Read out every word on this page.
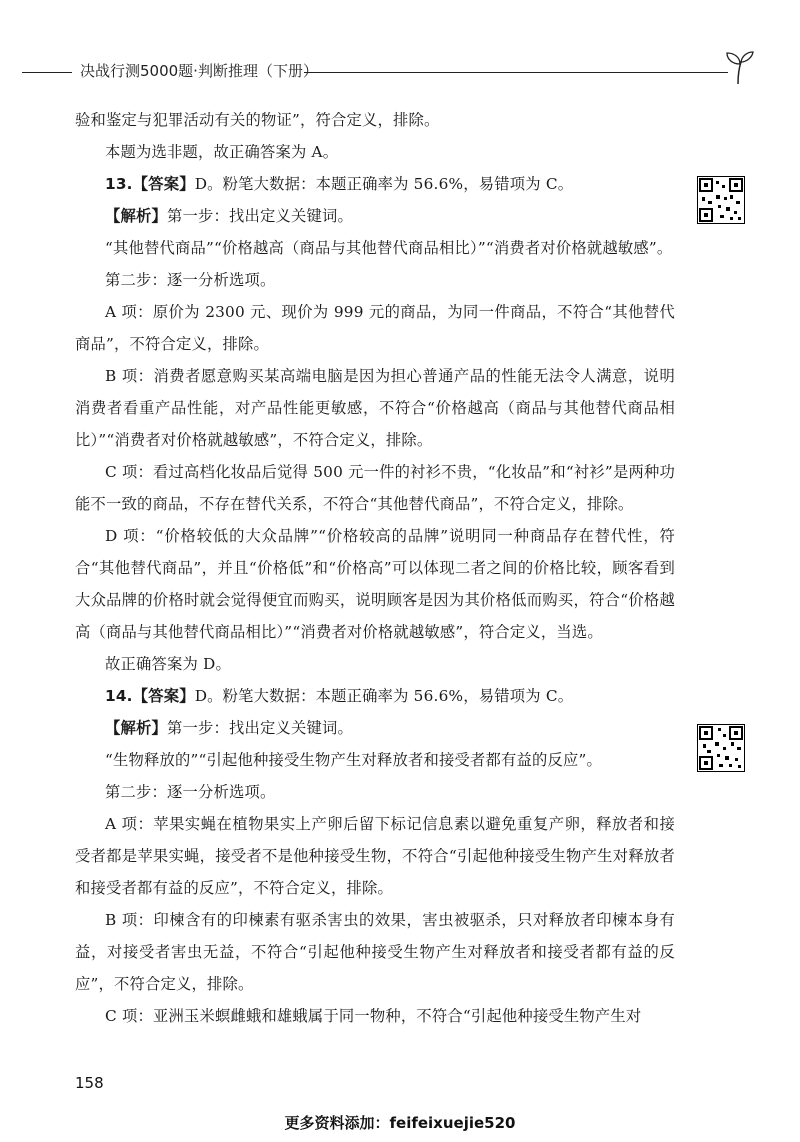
决战行测5000题·判断推理（下册）

验和鉴定与犯罪活动有关的物证”，符合定义，排除。

本题为选非题，故正确答案为 A。

13.【答案】D。粉笔大数据：本题正确率为 56.6%，易错项为 C。

【解析】第一步：找出定义关键词。

“其他替代商品”“价格越高（商品与其他替代商品相比）”“消费者对价格就越敏感”。

第二步：逐一分析选项。

A 项：原价为 2300 元、现价为 999 元的商品，为同一件商品，不符合“其他替代商品”，不符合定义，排除。

B 项：消费者愿意购买某高端电脑是因为担心普通产品的性能无法令人满意，说明消费者看重产品性能，对产品性能更敏感，不符合“价格越高（商品与其他替代商品相比）”“消费者对价格就越敏感”，不符合定义，排除。

C 项：看过高档化妆品后觉得 500 元一件的衬衫不贵，“化妆品”和“衬衫”是两种功能不一致的商品，不存在替代关系，不符合“其他替代商品”，不符合定义，排除。

D 项：“价格较低的大众品牌”“价格较高的品牌”说明同一种商品存在替代性，符合“其他替代商品”，并且“价格低”和“价格高”可以体现二者之间的价格比较，顾客看到大众品牌的价格时就会觉得便宜而购买，说明顾客是因为其价格低而购买，符合“价格越高（商品与其他替代商品相比）”“消费者对价格就越敏感”，符合定义，当选。

故正确答案为 D。

14.【答案】D。粉笔大数据：本题正确率为 56.6%，易错项为 C。

【解析】第一步：找出定义关键词。

“生物释放的”“引起他种接受生物产生对释放者和接受者都有益的反应”。

第二步：逐一分析选项。

A 项：苹果实蝇在植物果实上产卵后留下标记信息素以避免重复产卵，释放者和接受者都是苹果实蝇，接受者不是他种接受生物，不符合“引起他种接受生物产生对释放者和接受者都有益的反应”，不符合定义，排除。

B 项：印楝含有的印楝素有驱杀害虫的效果，害虫被驱杀，只对释放者印楝本身有益，对接受者害虫无益，不符合“引起他种接受生物产生对释放者和接受者都有益的反应”，不符合定义，排除。

C 项：亚洲玉米螟雌蛾和雄蛾属于同一物种，不符合“引起他种接受生物产生对

158
更多资料添加：feifeixuejie520
